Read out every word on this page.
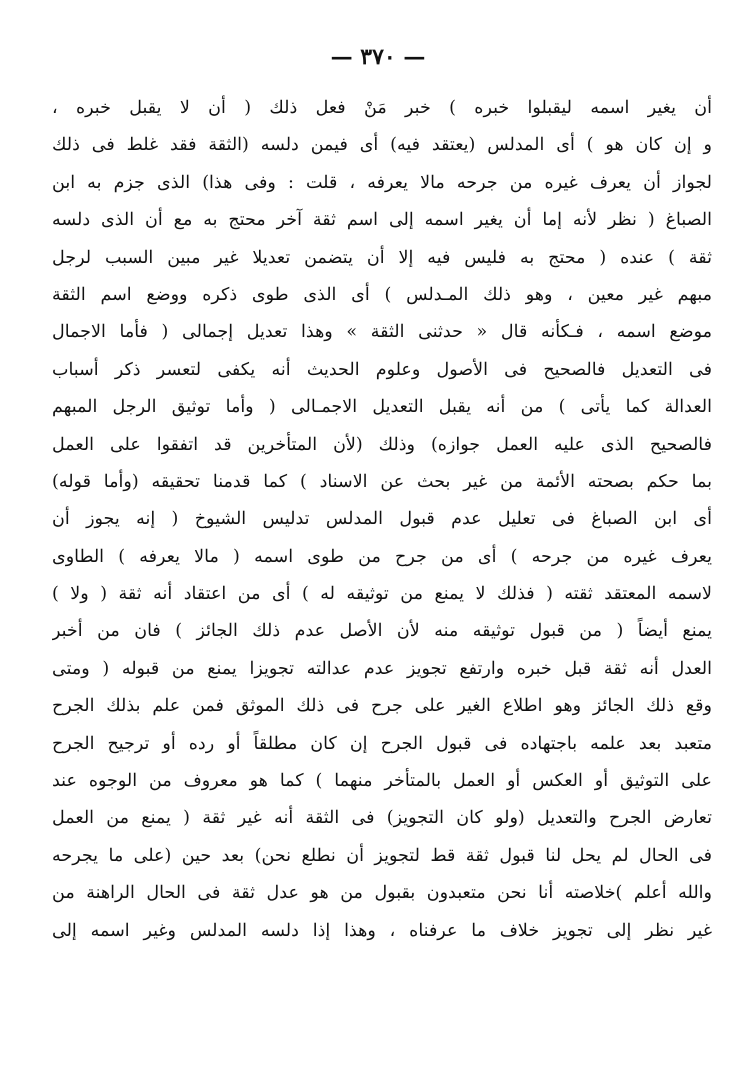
— ٣٧٠ —
أن يغير اسمه ليقبلوا خبره ) خبر مَنْ فعل ذلك ( أن لا يقبل خبره ،
و إن كان هو ) أى المدلس (يعتقد فيه) أى فيمن دلسه (الثقة فقد غلط فى ذلك
لجواز أن يعرف غيره من جرحه مالا يعرفه ، قلت : وفى هذا) الذى جزم به ابن
الصباغ ( نظر لأنه إما أن يغير اسمه إلى اسم ثقة آخر محتج به مع أن الذى دلسه
ثقة ) عنده ( محتج به فليس فيه إلا أن يتضمن تعديلا غير مبين السبب لرجل
مبهم غير معين ، وهو ذلك المـدلس ) أى الذى طوى ذكره ووضع اسم الثقة
موضع اسمه ، فـكأنه قال « حدثنى الثقة » وهذا تعديل إجمالى ( فأما الاجمال
فى التعديل فالصحيح فى الأصول وعلوم الحديث أنه يكفى لتعسر ذكر أسباب
العدالة كما يأتى ) من أنه يقبل التعديل الاجمـالى ( وأما توثيق الرجل المبهم
فالصحيح الذى عليه العمل جوازه) وذلك (لأن المتأخرين قد اتفقوا على العمل
بما حكم بصحته الأئمة من غير بحث عن الاسناد ) كما قدمنا تحقيقه (وأما قوله)
أى ابن الصباغ فى تعليل عدم قبول المدلس تدليس الشيوخ ( إنه يجوز أن
يعرف غيره من جرحه ) أى من جرح من طوى اسمه ( مالا يعرفه ) الطاوى
لاسمه المعتقد ثقته ( فذلك لا يمنع من توثيقه له ) أى من اعتقاد أنه ثقة ( ولا )
يمنع أيضاً ( من قبول توثيقه منه لأن الأصل عدم ذلك الجائز ) فان من أخبر
العدل أنه ثقة قبل خبره وارتفع تجويز عدم عدالته تجويزا يمنع من قبوله ( ومتى
وقع ذلك الجائز وهو اطلاع الغير على جرح فى ذلك الموثق فمن علم بذلك الجرح
متعبد بعد علمه باجتهاده فى قبول الجرح إن كان مطلقاً أو رده أو ترجيح الجرح
على التوثيق أو العكس أو العمل بالمتأخر منهما ) كما هو معروف من الوجوه عند
تعارض الجرح والتعديل (ولو كان التجويز) فى الثقة أنه غير ثقة ( يمنع من العمل
فى الحال لم يحل لنا قبول ثقة قط لتجويز أن نطلع نحن) بعد حين (على ما يجرحه
والله أعلم )خلاصته أنا نحن متعبدون بقبول من هو عدل ثقة فى الحال الراهنة من
غير نظر إلى تجويز خلاف ما عرفناه ، وهذا إذا دلسه المدلس وغير اسمه إلى
